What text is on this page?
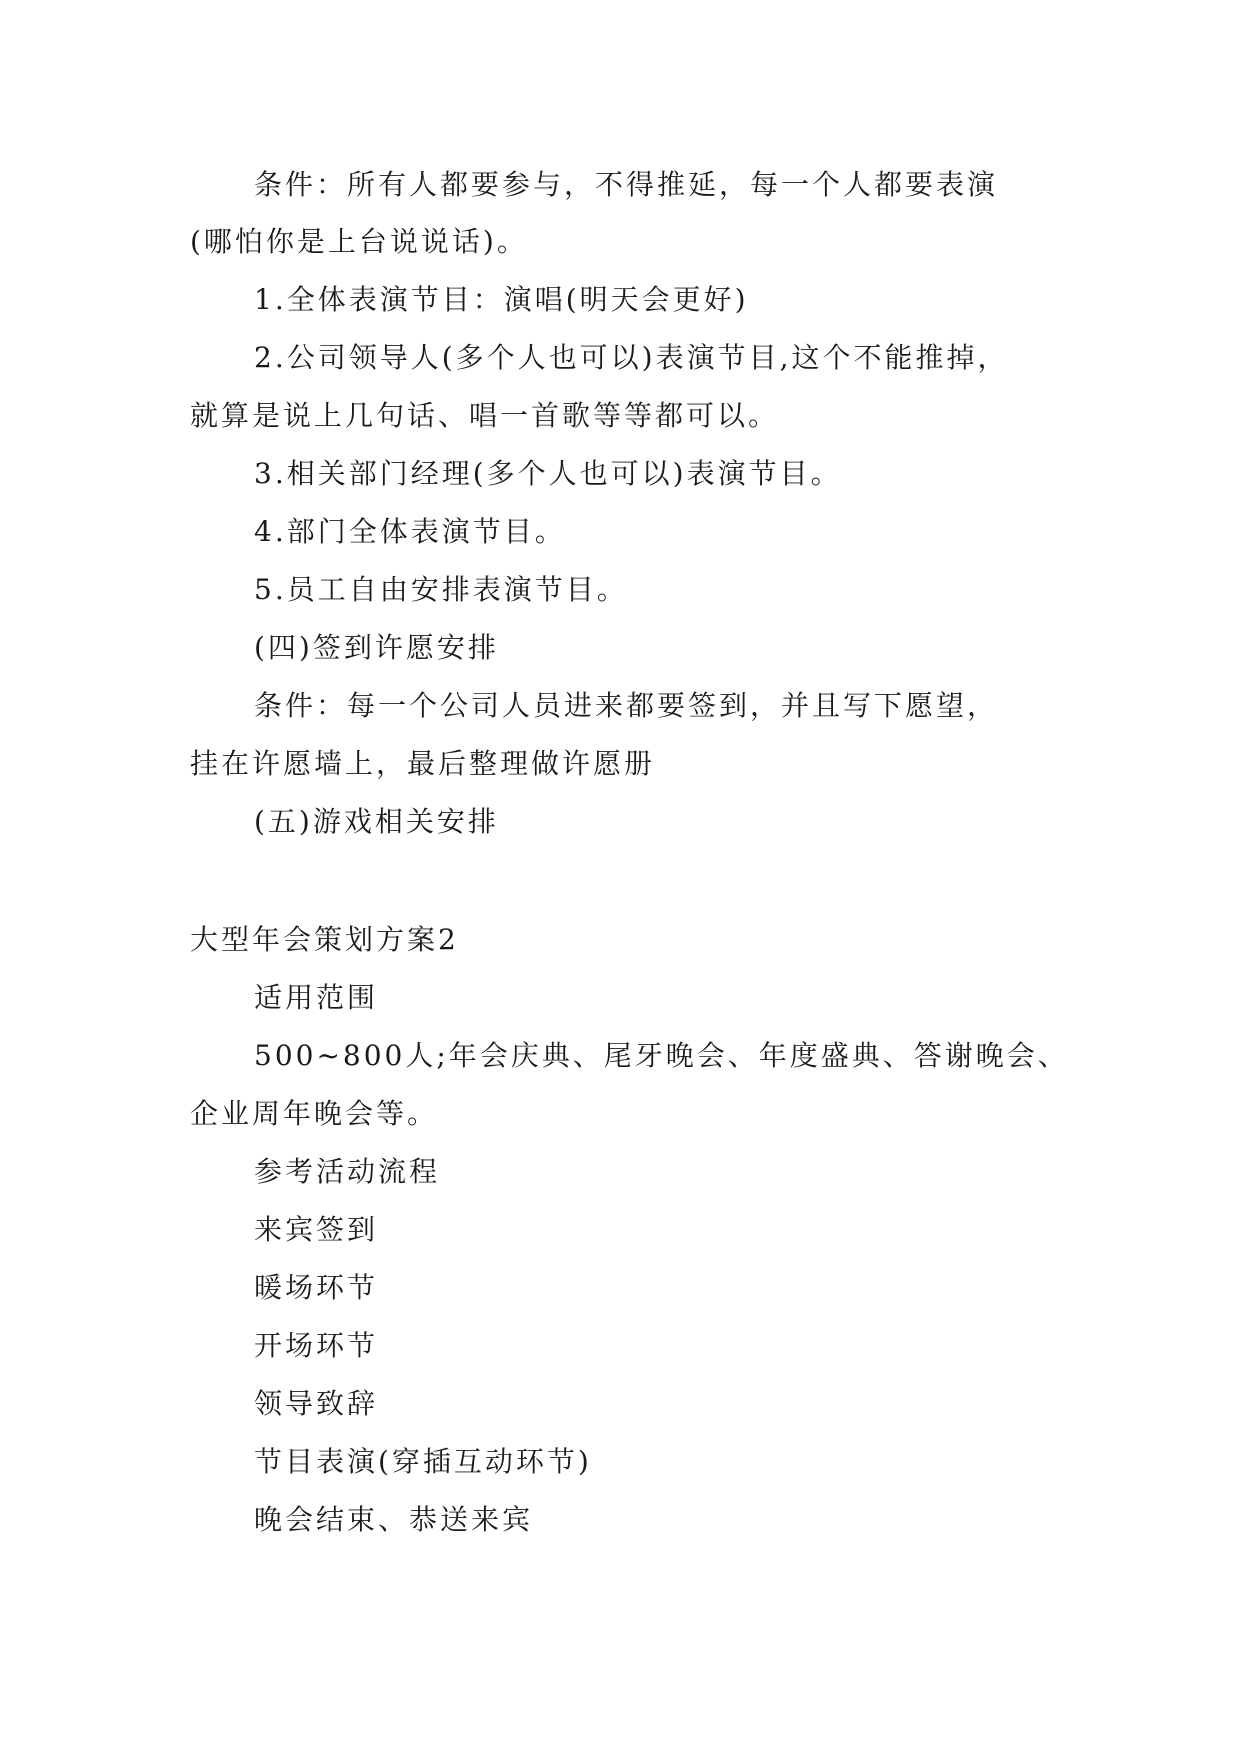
条件：所有人都要参与，不得推延，每一个人都要表演
(哪怕你是上台说说话)。
1.全体表演节目：演唱(明天会更好)
2.公司领导人(多个人也可以)表演节目,这个不能推掉，
就算是说上几句话、唱一首歌等等都可以。
3.相关部门经理(多个人也可以)表演节目。
4.部门全体表演节目。
5.员工自由安排表演节目。
(四)签到许愿安排
条件：每一个公司人员进来都要签到，并且写下愿望，
挂在许愿墙上，最后整理做许愿册
(五)游戏相关安排
大型年会策划方案2
适用范围
500~800人;年会庆典、尾牙晚会、年度盛典、答谢晚会、
企业周年晚会等。
参考活动流程
来宾签到
暖场环节
开场环节
领导致辞
节目表演(穿插互动环节)
晚会结束、恭送来宾
